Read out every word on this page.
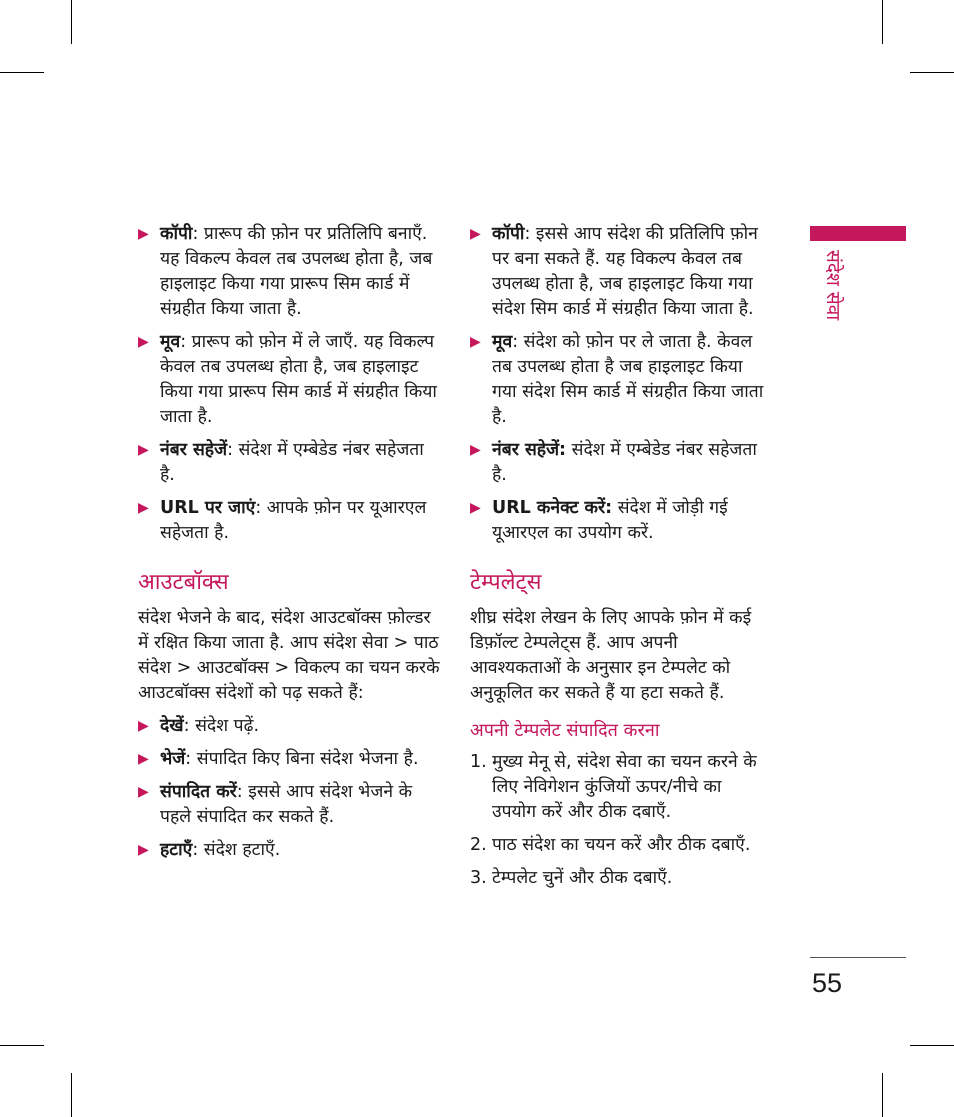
▶ कॉपी: प्रारूप की फ़ोन पर प्रतिलिपि बनाएँ. यह विकल्प केवल तब उपलब्ध होता है, जब हाइलाइट किया गया प्रारूप सिम कार्ड में संग्रहीत किया जाता है.
▶ मूव: प्रारूप को फ़ोन में ले जाएँ. यह विकल्प केवल तब उपलब्ध होता है, जब हाइलाइट किया गया प्रारूप सिम कार्ड में संग्रहीत किया जाता है.
▶ नंबर सहेजें: संदेश में एम्बेडेड नंबर सहेजता है.
▶ URL पर जाएं: आपके फ़ोन पर यूआरएल सहेजता है.
आउटबॉक्स
संदेश भेजने के बाद, संदेश आउटबॉक्स फ़ोल्डर में रक्षित किया जाता है. आप संदेश सेवा > पाठ संदेश > आउटबॉक्स > विकल्प का चयन करके आउटबॉक्स संदेशों को पढ़ सकते हैं:
▶ देखें: संदेश पढ़ें.
▶ भेजें: संपादित किए बिना संदेश भेजना है.
▶ संपादित करें: इससे आप संदेश भेजने के पहले संपादित कर सकते हैं.
▶ हटाएँ: संदेश हटाएँ.
▶ कॉपी: इससे आप संदेश की प्रतिलिपि फ़ोन पर बना सकते हैं. यह विकल्प केवल तब उपलब्ध होता है, जब हाइलाइट किया गया संदेश सिम कार्ड में संग्रहीत किया जाता है.
▶ मूव: संदेश को फ़ोन पर ले जाता है. केवल तब उपलब्ध होता है जब हाइलाइट किया गया संदेश सिम कार्ड में संग्रहीत किया जाता है.
▶ नंबर सहेजें: संदेश में एम्बेडेड नंबर सहेजता है.
▶ URL कनेक्ट करें: संदेश में जोड़ी गई यूआरएल का उपयोग करें.
टेम्पलेट्स
शीघ्र संदेश लेखन के लिए आपके फ़ोन में कई डिफ़ॉल्ट टेम्पलेट्स हैं. आप अपनी आवश्यकताओं के अनुसार इन टेम्पलेट को अनुकूलित कर सकते हैं या हटा सकते हैं.
अपनी टेम्पलेट संपादित करना
1. मुख्य मेनू से, संदेश सेवा का चयन करने के लिए नेविगेशन कुंजियों ऊपर/नीचे का उपयोग करें और ठीक दबाएँ.
2. पाठ संदेश का चयन करें और ठीक दबाएँ.
3. टेम्पलेट चुनें और ठीक दबाएँ.
संदेश सेवा
55
